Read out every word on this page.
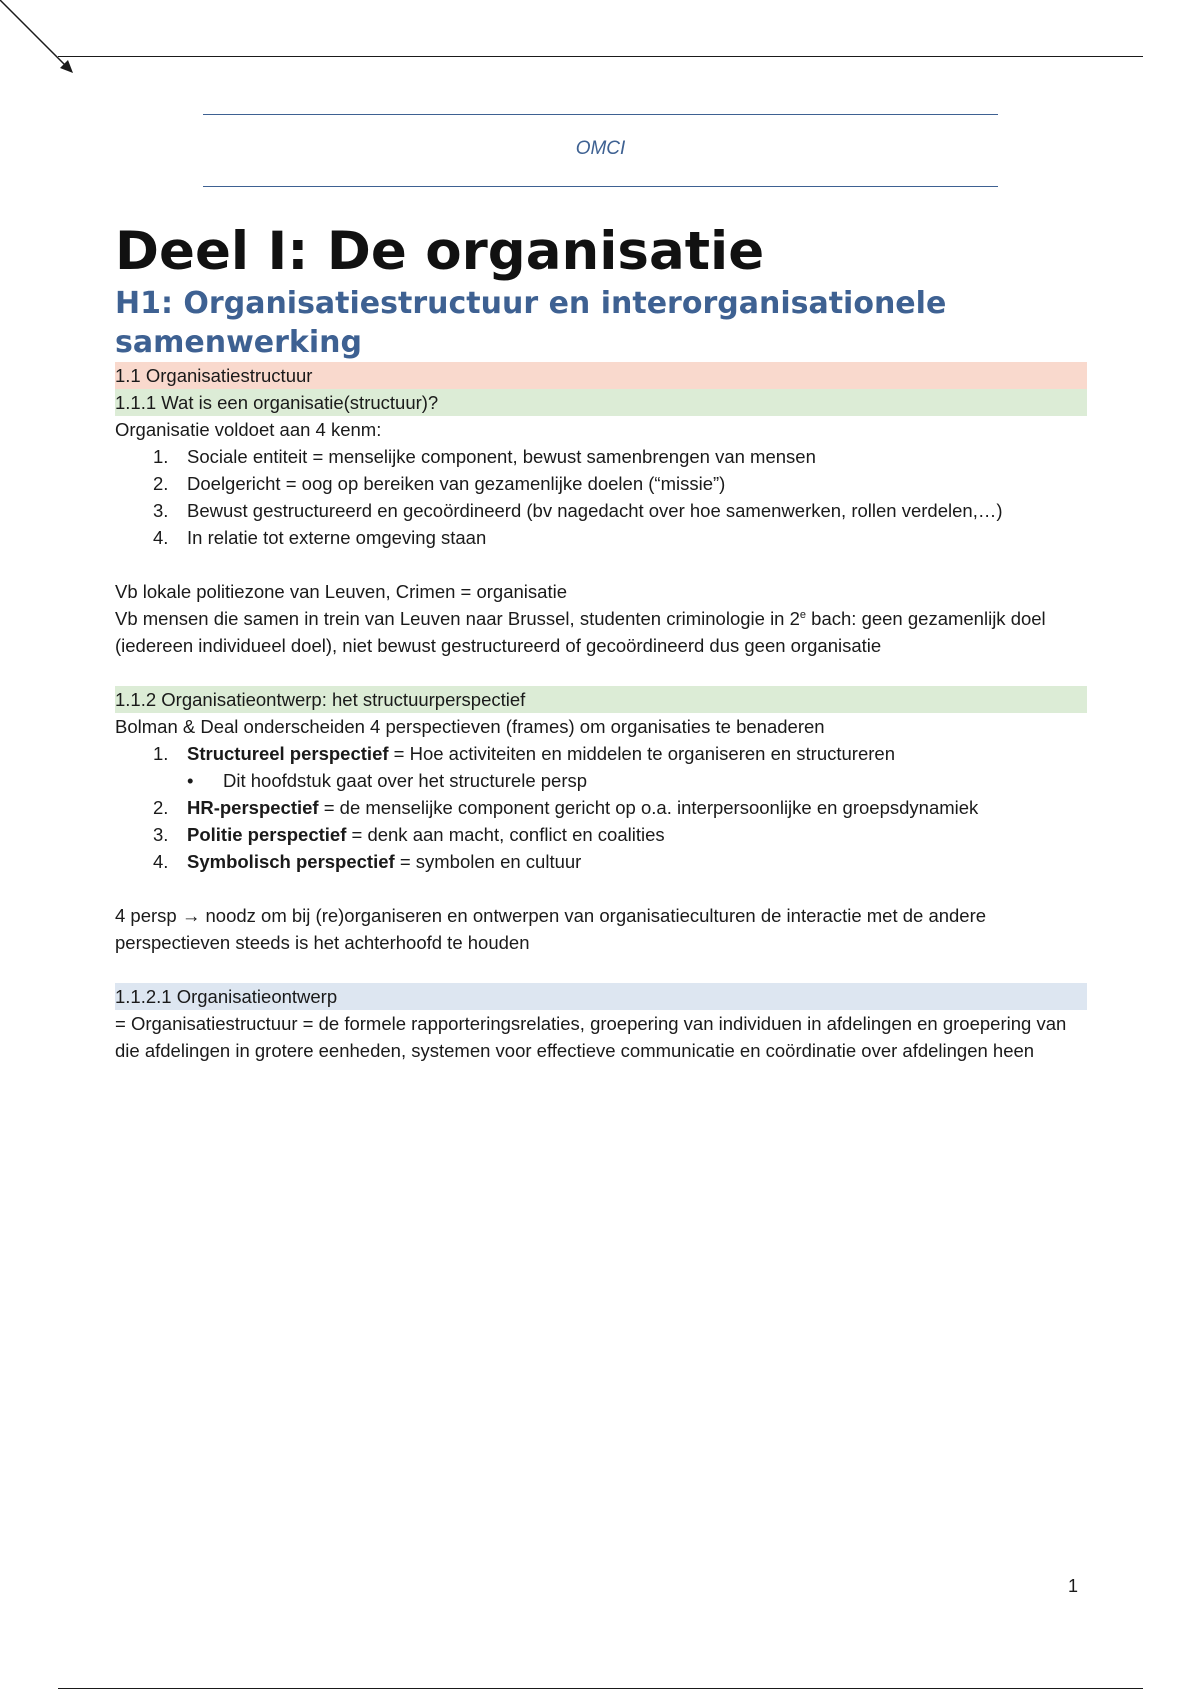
OMCI
Deel I: De organisatie
H1: Organisatiestructuur en interorganisationele samenwerking
1.1 Organisatiestructuur
1.1.1 Wat is een organisatie(structuur)?
Organisatie voldoet aan 4 kenm:
1. Sociale entiteit = menselijke component, bewust samenbrengen van mensen
2. Doelgericht = oog op bereiken van gezamenlijke doelen (“missie”)
3. Bewust gestructureerd en gecoördineerd (bv nagedacht over hoe samenwerken, rollen verdelen,…)
4. In relatie tot externe omgeving staan
Vb lokale politiezone van Leuven, Crimen = organisatie
Vb mensen die samen in trein van Leuven naar Brussel, studenten criminologie in 2e bach: geen gezamenlijk doel (iedereen individueel doel), niet bewust gestructureerd of gecoördineerd dus geen organisatie
1.1.2 Organisatieontwerp: het structuurperspectief
Bolman & Deal onderscheiden 4 perspectieven (frames) om organisaties te benaderen
1. Structureel perspectief = Hoe activiteiten en middelen te organiseren en structureren
• Dit hoofdstuk gaat over het structurele persp
2. HR-perspectief = de menselijke component gericht op o.a. interpersoonlijke en groepsdynamiek
3. Politie perspectief = denk aan macht, conflict en coalities
4. Symbolisch perspectief = symbolen en cultuur
4 persp → noodz om bij (re)organiseren en ontwerpen van organisatieculturen de interactie met de andere perspectieven steeds is het achterhoofd te houden
1.1.2.1 Organisatieontwerp
= Organisatiestructuur = de formele rapporteringsrelaties, groepering van individuen in afdelingen en groepering van die afdelingen in grotere eenheden, systemen voor effectieve communicatie en coördinatie over afdelingen heen
1
